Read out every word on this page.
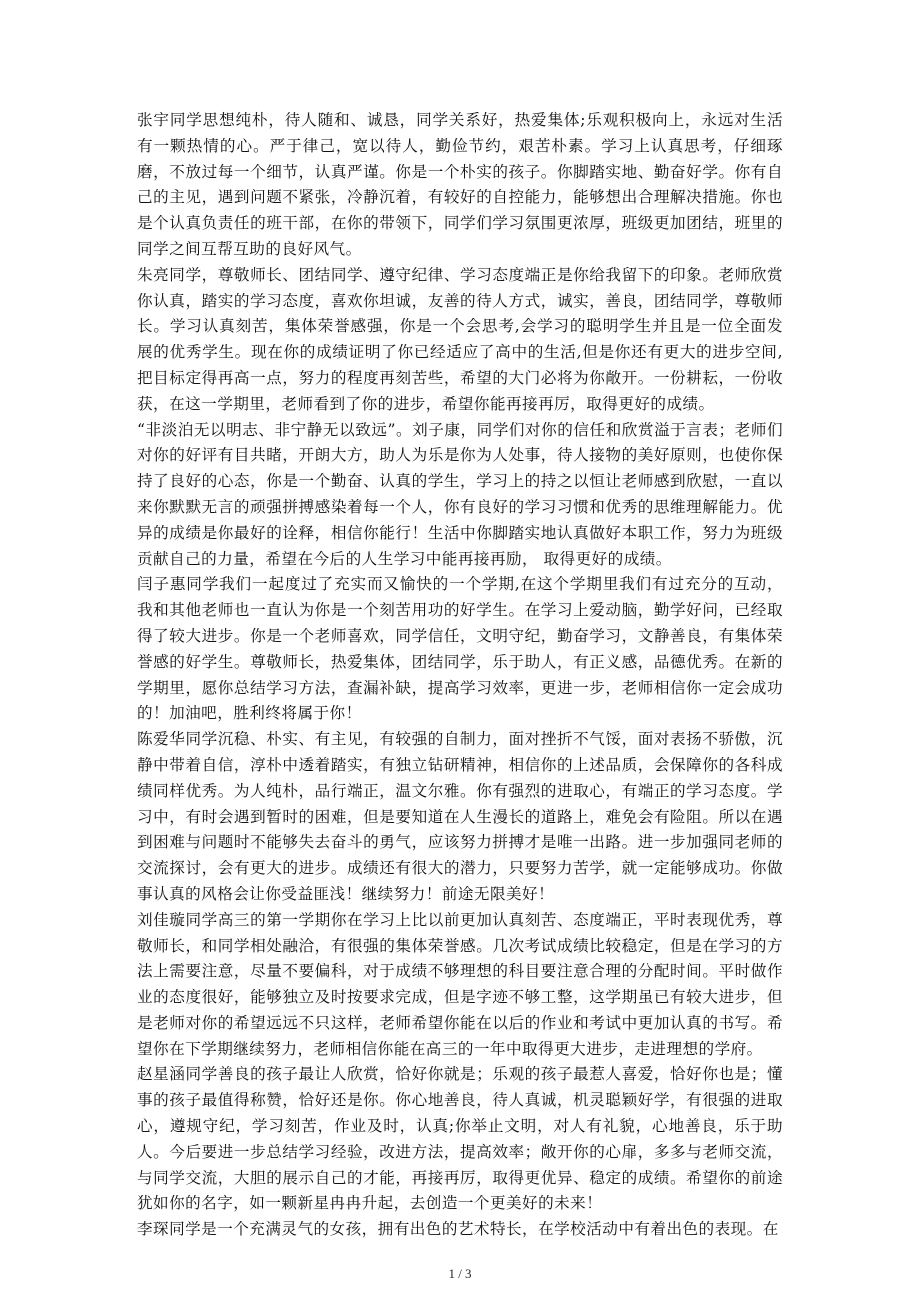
张宇同学思想纯朴，待人随和、诚恳，同学关系好，热爱集体;乐观积极向上，永远对生活有一颗热情的心。严于律己，宽以待人，勤俭节约，艰苦朴素。学习上认真思考，仔细琢磨，不放过每一个细节，认真严谨。你是一个朴实的孩子。你脚踏实地、勤奋好学。你有自己的主见，遇到问题不紧张，冷静沉着，有较好的自控能力，能够想出合理解决措施。你也是个认真负责任的班干部，在你的带领下，同学们学习氛围更浓厚，班级更加团结，班里的同学之间互帮互助的良好风气。

朱亮同学，尊敬师长、团结同学、遵守纪律、学习态度端正是你给我留下的印象。老师欣赏你认真，踏实的学习态度，喜欢你坦诚，友善的待人方式，诚实，善良，团结同学，尊敬师长。学习认真刻苦，集体荣誉感强，你是一个会思考,会学习的聪明学生并且是一位全面发展的优秀学生。现在你的成绩证明了你已经适应了高中的生活,但是你还有更大的进步空间,把目标定得再高一点，努力的程度再刻苦些，希望的大门必将为你敞开。一份耕耘，一份收获，在这一学期里，老师看到了你的进步，希望你能再接再厉，取得更好的成绩。

“非淡泊无以明志、非宁静无以致远”。刘子康，同学们对你的信任和欣赏溢于言表；老师们对你的好评有目共睹，开朗大方，助人为乐是你为人处事，待人接物的美好原则，也使你保持了良好的心态，你是一个勤奋、认真的学生，学习上的持之以恒让老师感到欣慰，一直以来你默默无言的顽强拼搏感染着每一个人，你有良好的学习习惯和优秀的思维理解能力。优异的成绩是你最好的诠释，相信你能行！生活中你脚踏实地认真做好本职工作，努力为班级贡献自己的力量，希望在今后的人生学习中能再接再励， 取得更好的成绩。

闫子惠同学我们一起度过了充实而又愉快的一个学期,在这个学期里我们有过充分的互动，我和其他老师也一直认为你是一个刻苦用功的好学生。在学习上爱动脑，勤学好问，已经取得了较大进步。你是一个老师喜欢，同学信任，文明守纪，勤奋学习，文静善良，有集体荣誉感的好学生。尊敬师长，热爱集体，团结同学，乐于助人，有正义感，品德优秀。在新的学期里，愿你总结学习方法，查漏补缺，提高学习效率，更进一步，老师相信你一定会成功的！加油吧，胜利终将属于你！

陈爱华同学沉稳、朴实、有主见，有较强的自制力，面对挫折不气馁，面对表扬不骄傲，沉静中带着自信，淳朴中透着踏实，有独立钻研精神，相信你的上述品质，会保障你的各科成绩同样优秀。为人纯朴，品行端正，温文尔雅。你有强烈的进取心，有端正的学习态度。学习中，有时会遇到暂时的困难，但是要知道在人生漫长的道路上，难免会有险阻。所以在遇到困难与问题时不能够失去奋斗的勇气，应该努力拼搏才是唯一出路。进一步加强同老师的交流探讨，会有更大的进步。成绩还有很大的潜力，只要努力苦学，就一定能够成功。你做事认真的风格会让你受益匪浅！继续努力！前途无限美好！

刘佳璇同学高三的第一学期你在学习上比以前更加认真刻苦、态度端正，平时表现优秀，尊敬师长，和同学相处融洽，有很强的集体荣誉感。几次考试成绩比较稳定，但是在学习的方法上需要注意，尽量不要偏科，对于成绩不够理想的科目要注意合理的分配时间。平时做作业的态度很好，能够独立及时按要求完成，但是字迹不够工整，这学期虽已有较大进步，但是老师对你的希望远远不只这样，老师希望你能在以后的作业和考试中更加认真的书写。希望你在下学期继续努力，老师相信你能在高三的一年中取得更大进步，走进理想的学府。

赵星涵同学善良的孩子最让人欣赏，恰好你就是；乐观的孩子最惹人喜爱，恰好你也是；懂事的孩子最值得称赞，恰好还是你。你心地善良，待人真诚，机灵聪颖好学，有很强的进取心，遵规守纪，学习刻苦，作业及时，认真;你举止文明，对人有礼貌，心地善良，乐于助人。今后要进一步总结学习经验，改进方法，提高效率；敞开你的心扉，多多与老师交流，与同学交流，大胆的展示自己的才能，再接再厉，取得更优异、稳定的成绩。希望你的前途犹如你的名字，如一颗新星冉冉升起，去创造一个更美好的未来！

李琛同学是一个充满灵气的女孩，拥有出色的艺术特长，在学校活动中有着出色的表现。在

1 / 3
